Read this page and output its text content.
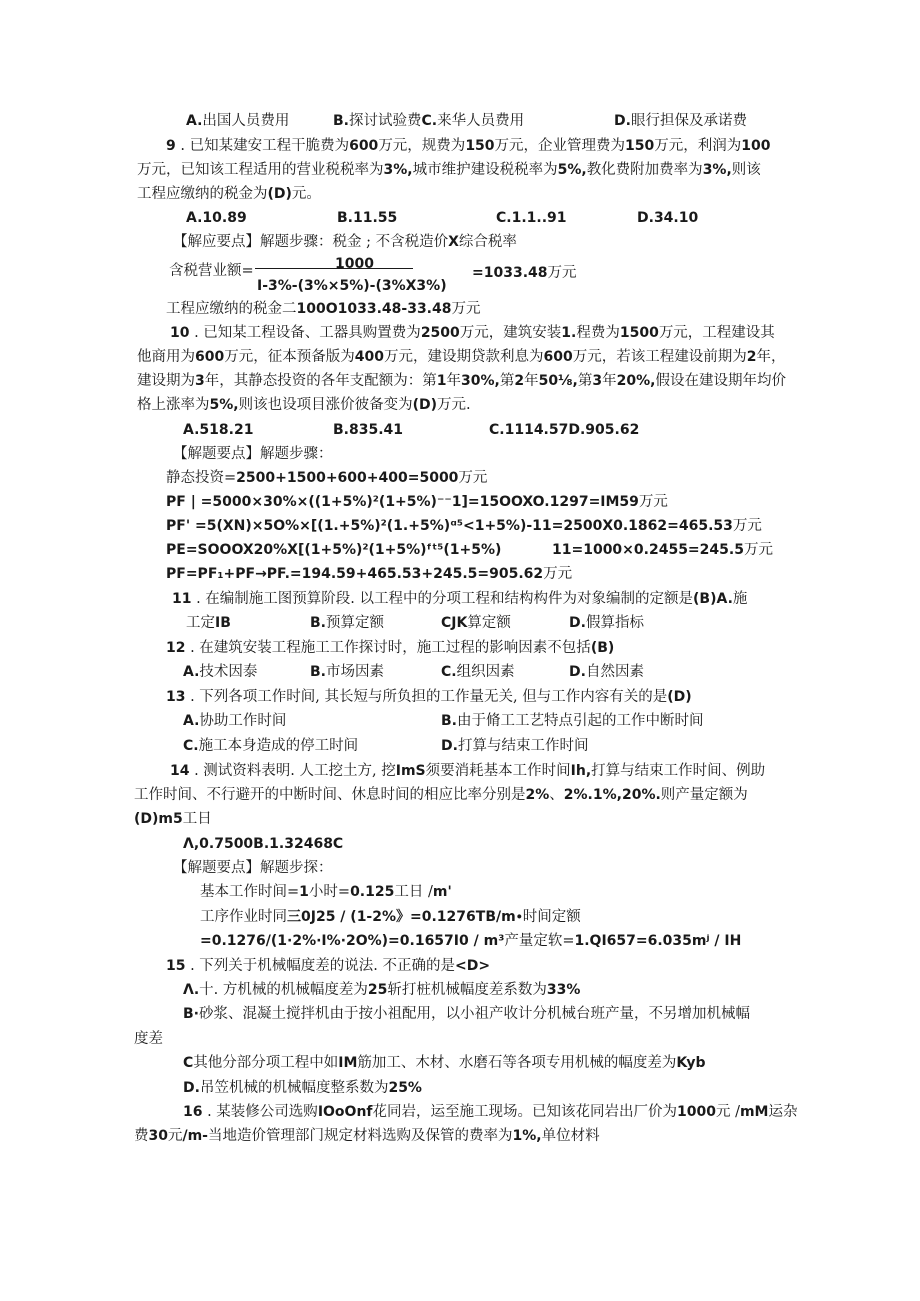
A.出国人员费用
9 . 已知某建安工程干脆费为600万元，规费为150万元，企业管理费为150万元，利润为100
万元，已知该工程适用的营业税税率为3%,城市维护建设税税率为5%,教化费附加费率为3%,则该
工程应缴纳的税金为(D)元。
【解应要点】解题步骤：税金 ; 不含税造价X综合税率
含税营业额=
工程应缴纳的税金二100O1033.48-33.48万元
10 . 已知某工程设备、工器具购置费为2500万元，建筑安装1.程费为1500万元，工程建设其
他商用为600万元，征本预备版为400万元，建设期贷款利息为600万元，若该工程建设前期为2年，
建设期为3年，其静态投资的各年支配额为：第1年30%,第2年50⅛,第3年20%,假设在建设期年均价
格上涨率为5%,则该也设项目涨价彼备变为(D)万元.
【解题要点】解题步骤：
静态投资=2500+1500+600+400=5000万元
PF | =5000×30%×((1+5%)²(1+5%)⁻⁻1]=15OOXO.1297=IM59万元
PF' =5(XN)×5O%×[(1.+5%)²(1.+5%)ᵅ⁵<1+5%)-11=2500X0.1862=465.53万元
PE=SOOOX20%X[(1+5%)²(1+5%)ᶠᵗ⁵(1+5%)	11=1000×0.2455=245.5万元
PF=PF₁+PF→PF.=194.59+465.53+245.5=905.62万元
11 . 在编制施工图预算阶段. 以工程中的分项工程和结构构件为对象编制的定额是(B)A.施
工定IB
12 . 在建筑安装工程施工工作探讨时，施工过程的影响因素不包括(B)
13 . 下列各项工作时间, 其长短与所负担的工作量无关, 但与工作内容有关的是(D)
14 . 测试资料表明. 人工挖土方, 挖ImS须要消耗基本工作时间Ih,打算与结束工作时间、例助
工作时间、不行避开的中断时间、休息时间的相应比率分别是2%、2%.1%,20%.则产量定额为
(D)m5工日
Λ,0.7500B.1.32468C
【解题要点】解题步探：
基本工作时间=1小时=0.125工日 /m'
工序作业时同三0J25 / (1-2%》=0.1276TB/m∙时间定额
=0.1276/(1∙2%∙I%∙2O%)=0.1657I0 / m³产量定软=1.QI657=6.035mʲ / IH
15 . 下列关于机械幅度差的说法. 不正确的是<D>
Λ.十. 方机械的机械幅度差为25斩打桩机械幅度差系数为33%
B∙砂浆、混凝土搅拌机由于按小祖配用，以小祖产收计分机械台班产量，不另增加机械幅
度差
C其他分部分项工程中如IM筋加工、木材、水磨石等各项专用机械的幅度差为Kyb
D.吊笠机械的机械幅度整系数为25%
16 . 某装修公司选购IOoOnf花同岩，运至施工现场。已知该花同岩出厂价为1000元 /mM运杂
费30元/m-当地造价管理部门规定材料选购及保管的费率为1%,单位材料
B.探讨试验费C.来华人员费用	D.眼行担保及承诺费
A.10.89	B.11.55	C.1.1..91	D.34.10
A.518.21	B.835.41	C.1114.57D.905.62
B.预算定额	CJK算定额	D.假算指标
A.技术因泰	B.市场因素	C.组织因素	D.自然因素
A.协助工作时间	B.由于脩工工艺特点引起的工作中断时间
C.施工本身造成的停工时间	D.打算与结束工作时间
1000
I-3%-(3%×5%)-(3%X3%)
=1033.48万元
